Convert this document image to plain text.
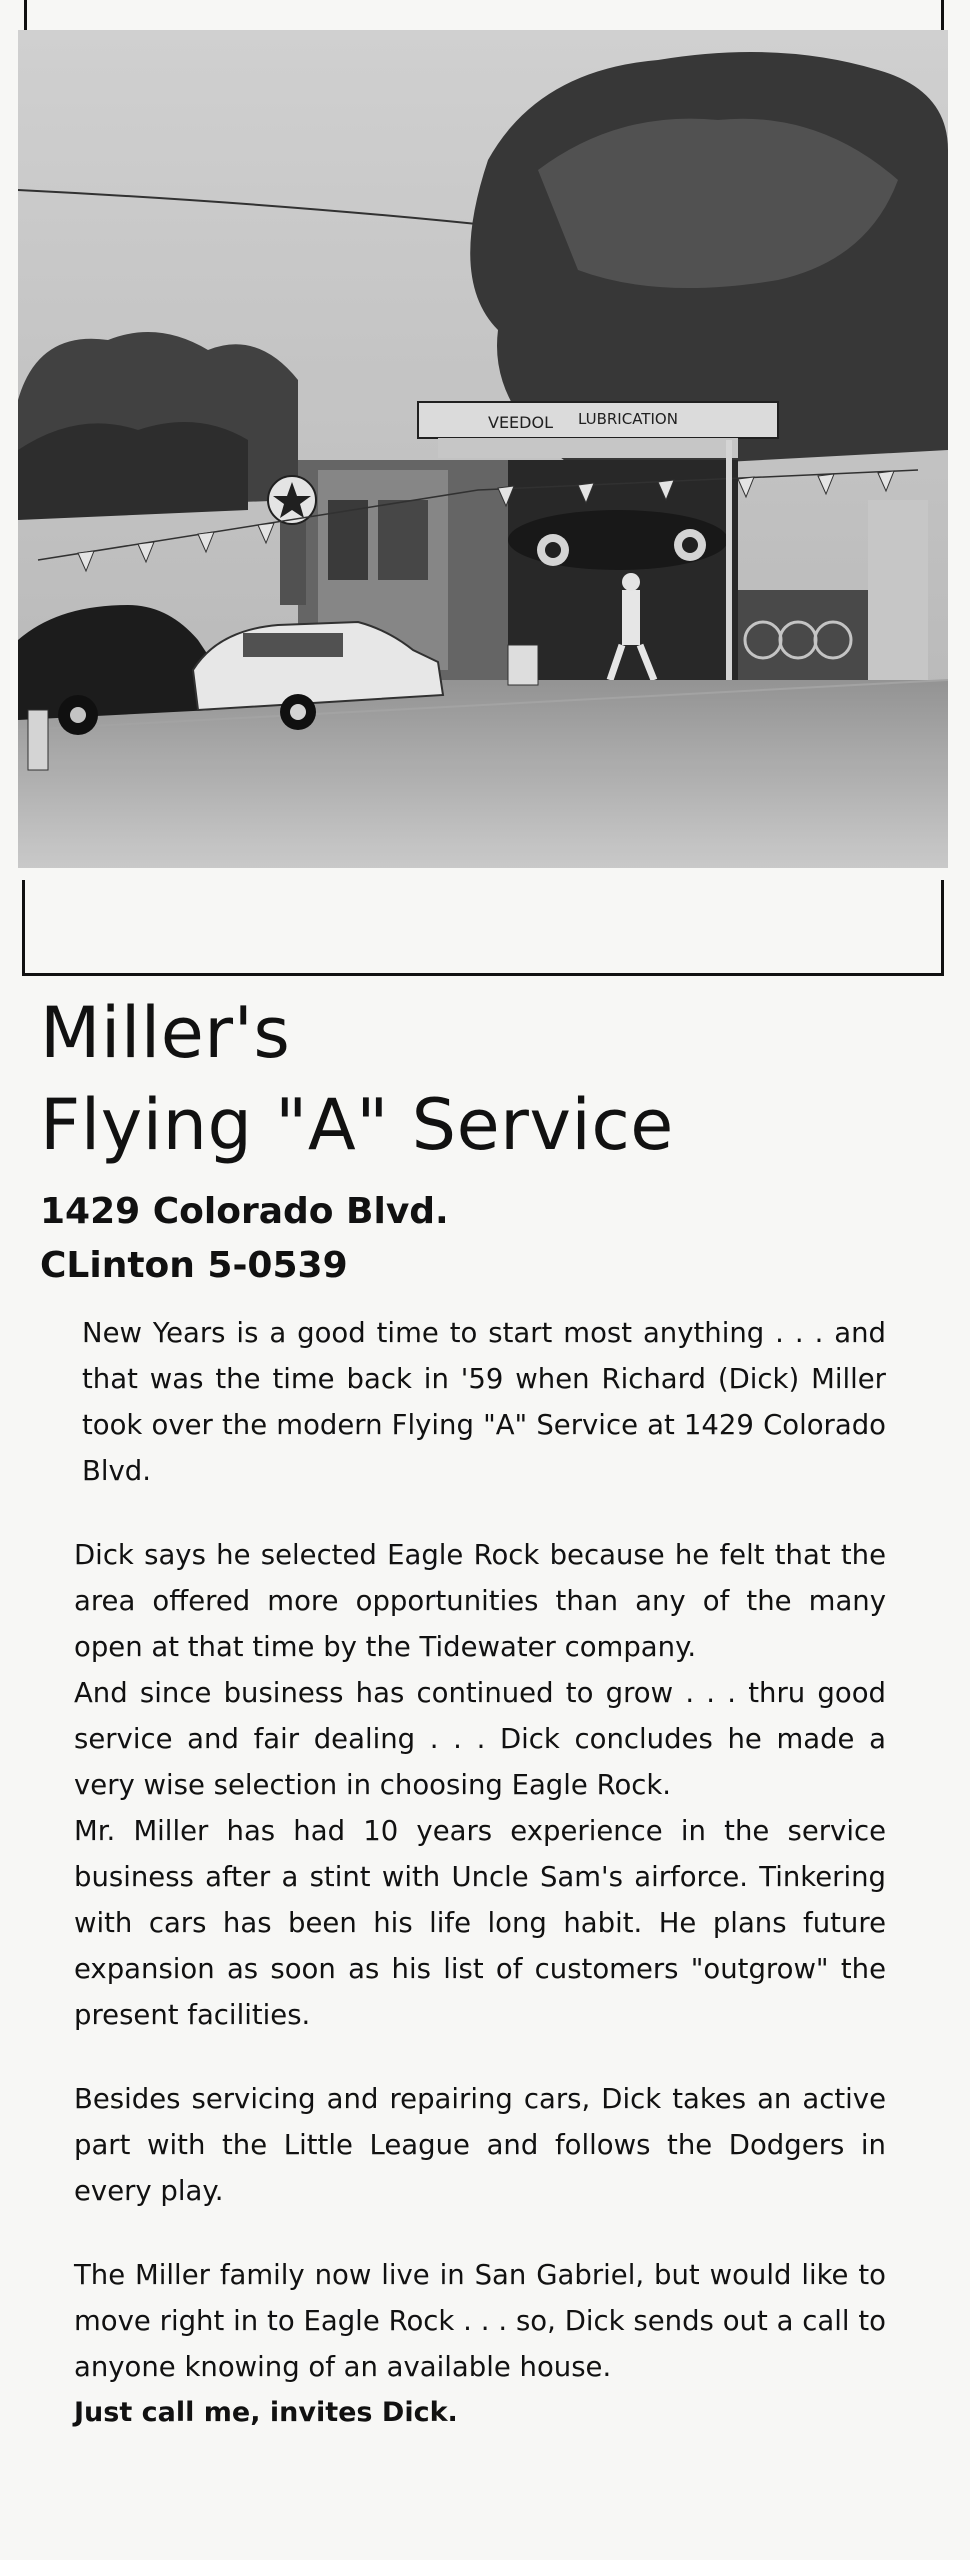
VEEDOL LUBRICATION
Miller's
Flying "A" Service

1429 Colorado Blvd.

CLinton 5-0539

New Years is a good time to start most anything . . . and that was the time back in '59 when Richard (Dick) Miller took over the modern Flying "A" Service at 1429 Colorado Blvd.

Dick says he selected Eagle Rock because he felt that the area offered more opportunities than any of the many open at that time by the Tidewater company.

And since business has continued to grow . . . thru good service and fair dealing . . . Dick concludes he made a very wise selection in choosing Eagle Rock.

Mr. Miller has had 10 years experience in the service business after a stint with Uncle Sam's airforce. Tinkering with cars has been his life long habit. He plans future expansion as soon as his list of customers "outgrow" the present facilities.

Besides servicing and repairing cars, Dick takes an active part with the Little League and follows the Dodgers in every play.

The Miller family now live in San Gabriel, but would like to move right in to Eagle Rock . . . so, Dick sends out a call to anyone knowing of an available house.

Just call me, invites Dick.
